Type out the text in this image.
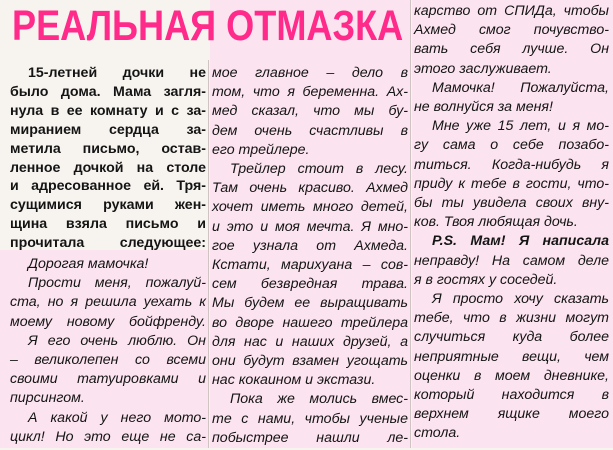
РЕАЛЬНАЯ ОТМАЗКА
15-летней дочки не
было дома. Мама загля-
нула в ее комнату и с за-
миранием сердца за-
метила письмо, остав-
ленное дочкой на столе
и адресованное ей. Тря-
сущимися руками жен-
щина взяла письмо и
прочитала следующее:
Дорогая мамочка!
Прости меня, пожалуй-
ста, но я решила уехать к
моему новому бойфренду.
Я его очень люблю. Он
– великолепен со всеми
своими татуировками и
пирсингом.
А какой у него мото-
цикл! Но это еще не са-
мое главное – дело в
том, что я беременна. Ах-
мед сказал, что мы бу-
дем очень счастливы в
его трейлере.
Трейлер стоит в лесу.
Там очень красиво. Ахмед
хочет иметь много детей,
и это и моя мечта. Я мно-
гое узнала от Ахмеда.
Кстати, марихуана – сов-
сем безвредная трава.
Мы будем ее выращивать
во дворе нашего трейлера
для нас и наших друзей, а
они будут взамен угощать
нас кокаином и экстази.
Пока же молись вмес-
те с нами, чтобы ученые
побыстрее нашли ле-
карство от СПИДа, чтобы
Ахмед смог почувство-
вать себя лучше. Он
этого заслуживает.
Мамочка! Пожалуйста,
не волнуйся за меня!
Мне уже 15 лет, и я мо-
гу сама о себе позабо-
титься. Когда-нибудь я
приду к тебе в гости, что-
бы ты увидела своих вну-
ков. Твоя любящая дочь.
P.S. Мам! Я написала
неправду! На самом деле
я в гостях у соседей.
Я просто хочу сказать
тебе, что в жизни могут
случиться куда более
неприятные вещи, чем
оценки в моем дневнике,
который находится в
верхнем ящике моего
стола.
